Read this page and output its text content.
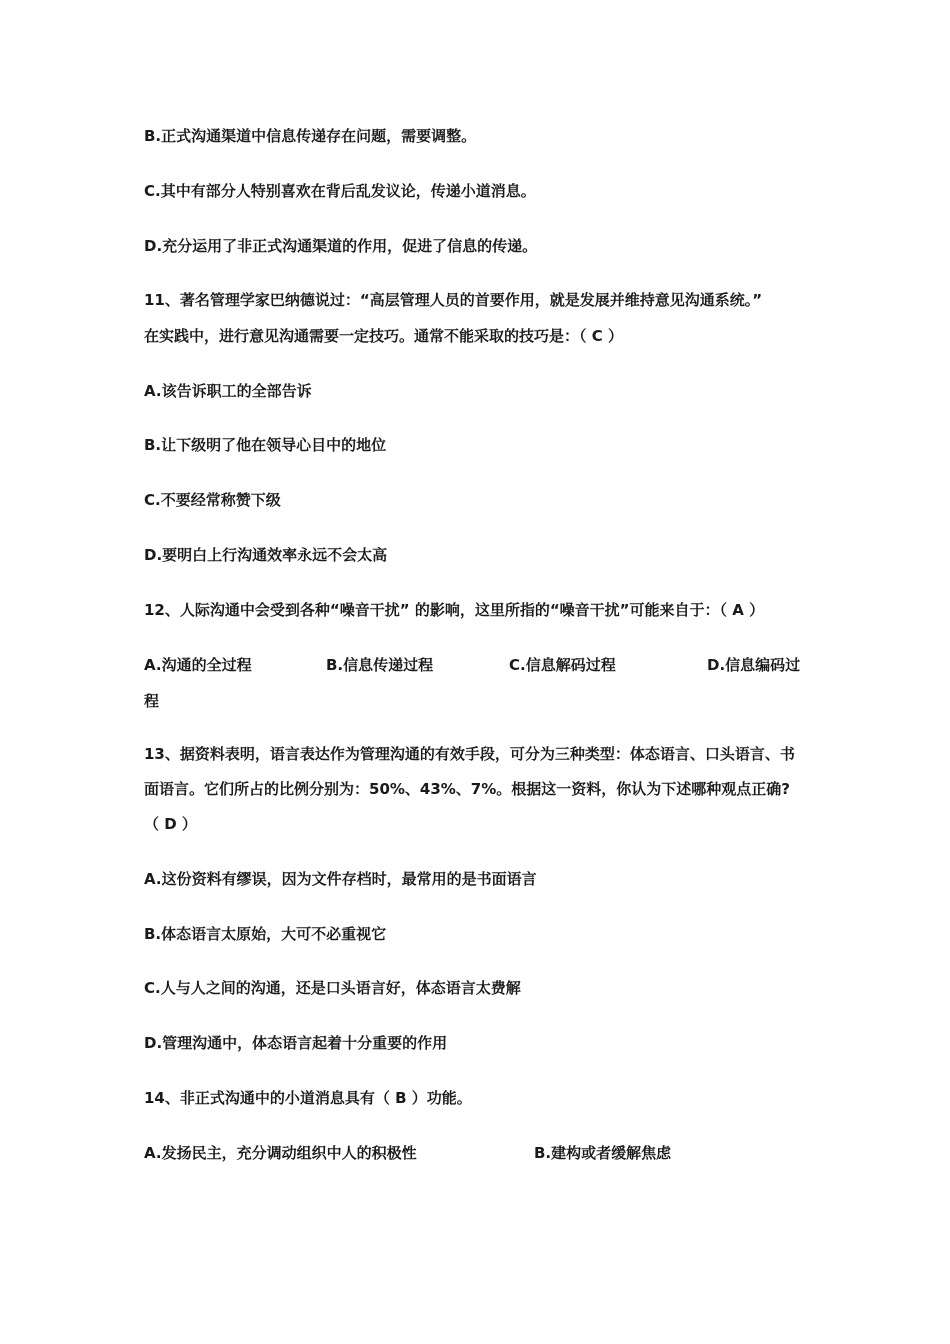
B.正式沟通渠道中信息传递存在问题，需要调整。
C.其中有部分人特别喜欢在背后乱发议论，传递小道消息。
D.充分运用了非正式沟通渠道的作用，促进了信息的传递。
11、著名管理学家巴纳德说过：“高层管理人员的首要作用，就是发展并维持意见沟通系统。”
在实践中，进行意见沟通需要一定技巧。通常不能采取的技巧是：（ C ）
A.该告诉职工的全部告诉
B.让下级明了他在领导心目中的地位
C.不要经常称赞下级
D.要明白上行沟通效率永远不会太高
12、人际沟通中会受到各种“噪音干扰” 的影响，这里所指的“噪音干扰”可能来自于：（ A ）
A.沟通的全过程	B.信息传递过程	C.信息解码过程	D.信息编码过
程
13、据资料表明，语言表达作为管理沟通的有效手段，可分为三种类型：体态语言、口头语言、书
面语言。它们所占的比例分别为：50%、43%、7%。根据这一资料，你认为下述哪种观点正确?
（ D ）
A.这份资料有缪误，因为文件存档时，最常用的是书面语言
B.体态语言太原始，大可不必重视它
C.人与人之间的沟通，还是口头语言好，体态语言太费解
D.管理沟通中，体态语言起着十分重要的作用
14、非正式沟通中的小道消息具有（ B ）功能。
A.发扬民主，充分调动组织中人的积极性	B.建构或者缓解焦虑
